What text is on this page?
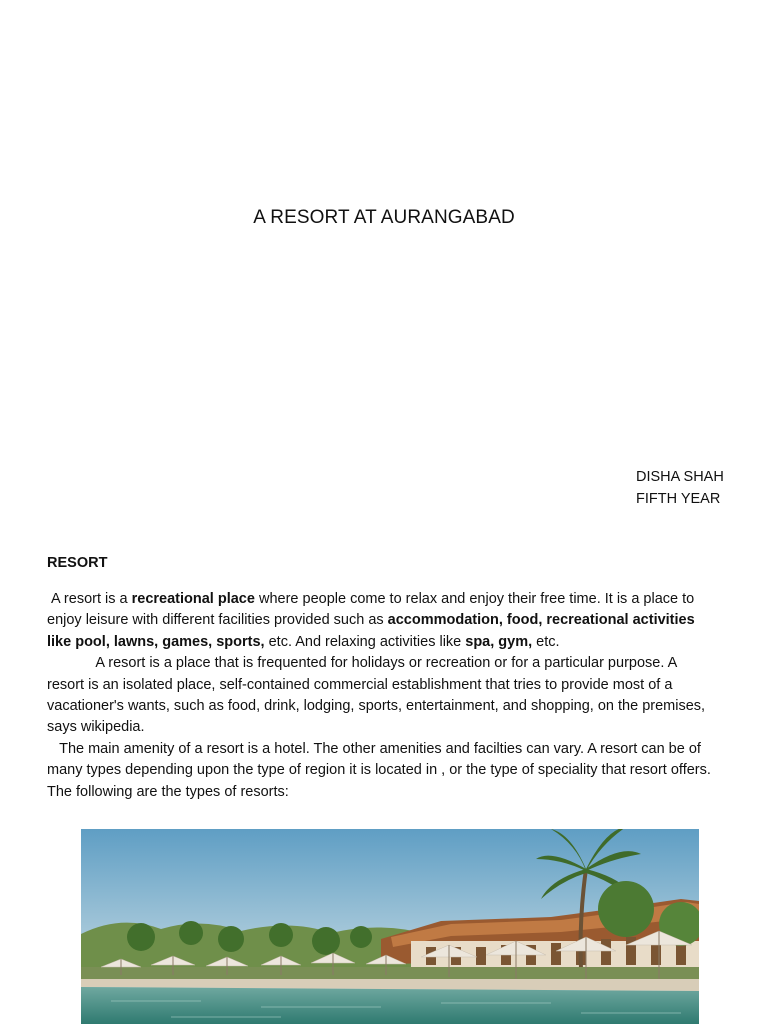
A RESORT AT AURANGABAD
DISHA SHAH
FIFTH YEAR
RESORT

A resort is a recreational place where people come to relax and enjoy their free time. It is a place to enjoy leisure with different facilities provided such as accommodation, food, recreational activities like pool, lawns, games, sports, etc. And relaxing activities like spa, gym, etc.

A resort is a place that is frequented for holidays or recreation or for a particular purpose. A resort is an isolated place, self-contained commercial establishment that tries to provide most of a vacationer's wants, such as food, drink, lodging, sports, entertainment, and shopping, on the premises, says wikipedia.

The main amenity of a resort is a hotel. The other amenities and facilties can vary. A resort can be of many types depending upon the type of region it is located in , or the type of speciality that resort offers. The following are the types of resorts:
